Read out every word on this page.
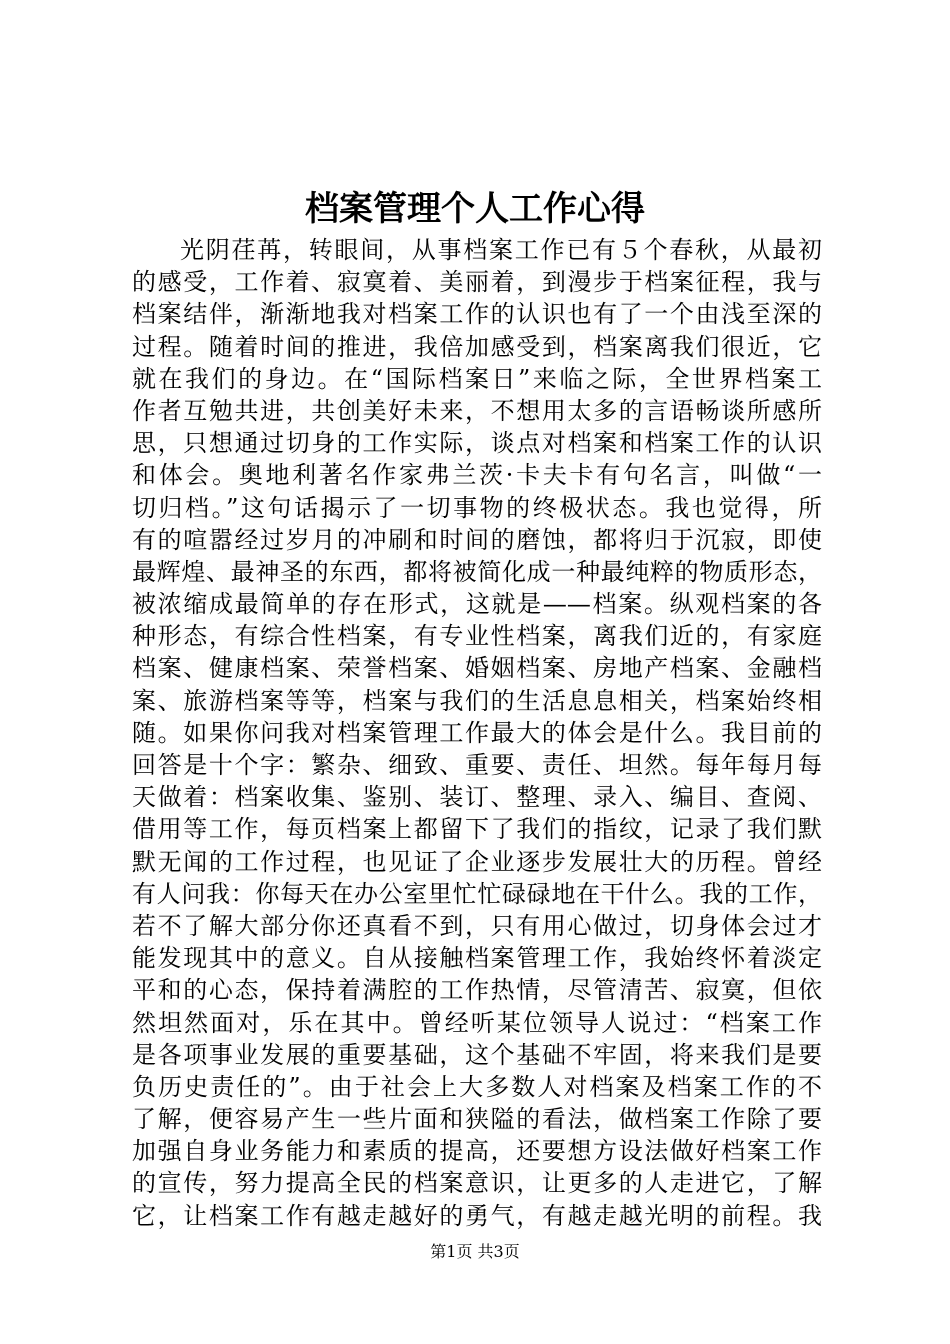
档案管理个人工作心得
光阴荏苒，转眼间，从事档案工作已有５个春秋，从最初
的感受，工作着、寂寞着、美丽着，到漫步于档案征程，我与
档案结伴，渐渐地我对档案工作的认识也有了一个由浅至深的
过程。随着时间的推进，我倍加感受到，档案离我们很近，它
就在我们的身边。在“国际档案日”来临之际，全世界档案工
作者互勉共进，共创美好未来，不想用太多的言语畅谈所感所
思，只想通过切身的工作实际，谈点对档案和档案工作的认识
和体会。奥地利著名作家弗兰茨·卡夫卡有句名言，叫做“一
切归档。”这句话揭示了一切事物的终极状态。我也觉得，所
有的喧嚣经过岁月的冲刷和时间的磨蚀，都将归于沉寂，即使
最辉煌、最神圣的东西，都将被简化成一种最纯粹的物质形态，
被浓缩成最简单的存在形式，这就是——档案。纵观档案的各
种形态，有综合性档案，有专业性档案，离我们近的，有家庭
档案、健康档案、荣誉档案、婚姻档案、房地产档案、金融档
案、旅游档案等等，档案与我们的生活息息相关，档案始终相
随。如果你问我对档案管理工作最大的体会是什么。我目前的
回答是十个字：繁杂、细致、重要、责任、坦然。每年每月每
天做着：档案收集、鉴别、装订、整理、录入、编目、查阅、
借用等工作，每页档案上都留下了我们的指纹，记录了我们默
默无闻的工作过程，也见证了企业逐步发展壮大的历程。曾经
有人问我：你每天在办公室里忙忙碌碌地在干什么。我的工作，
若不了解大部分你还真看不到，只有用心做过，切身体会过才
能发现其中的意义。自从接触档案管理工作，我始终怀着淡定
平和的心态，保持着满腔的工作热情，尽管清苦、寂寞，但依
然坦然面对，乐在其中。曾经听某位领导人说过：“档案工作
是各项事业发展的重要基础，这个基础不牢固，将来我们是要
负历史责任的”。由于社会上大多数人对档案及档案工作的不
了解，便容易产生一些片面和狭隘的看法，做档案工作除了要
加强自身业务能力和素质的提高，还要想方设法做好档案工作
的宣传，努力提高全民的档案意识，让更多的人走进它，了解
它，让档案工作有越走越好的勇气，有越走越光明的前程。我
第1页 共3页
